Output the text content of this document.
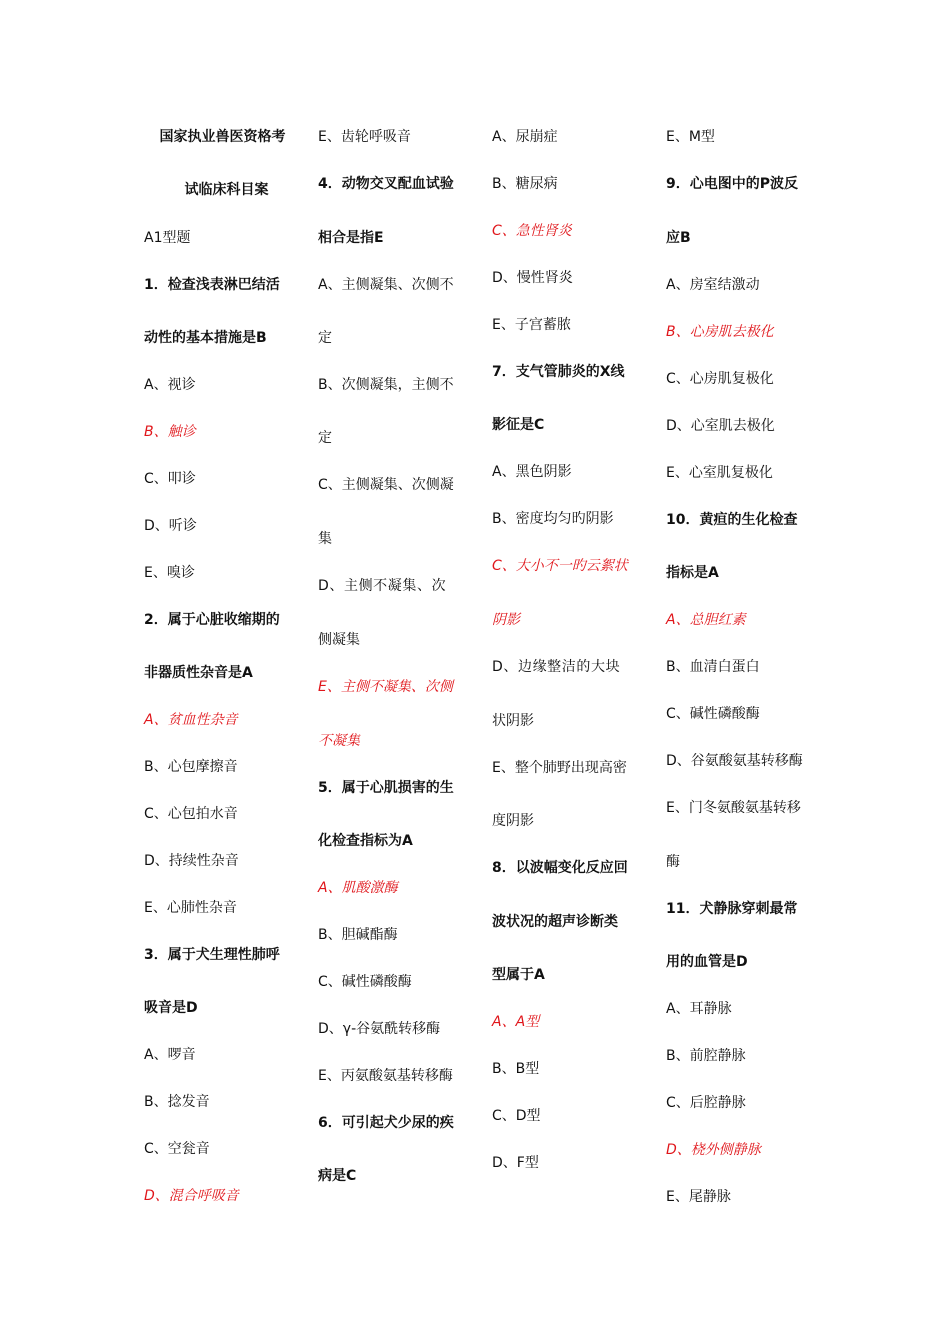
国家执业兽医资格考
试临床科目案
A1型题
1．检查浅表淋巴结活
动性的基本措施是B
A、视诊
B、触诊
C、叩诊
D、听诊
E、嗅诊
2．属于心脏收缩期的
非器质性杂音是A
A、贫血性杂音
B、心包摩擦音
C、心包拍水音
D、持续性杂音
E、心肺性杂音
3．属于犬生理性肺呼
吸音是D
A、啰音
B、捻发音
C、空瓮音
D、混合呼吸音
E、齿轮呼吸音
4．动物交叉配血试验
相合是指E
A、主侧凝集、次侧不
定
B、次侧凝集，主侧不
定
C、主侧凝集、次侧凝
集
D、主侧不凝集、次
侧凝集
E、主侧不凝集、次侧
不凝集
5．属于心肌损害的生
化检查指标为A
A、肌酸激酶
B、胆碱酯酶
C、碱性磷酸酶
D、γ-谷氨酰转移酶
E、丙氨酸氨基转移酶
6．可引起犬少尿的疾
病是C
A、尿崩症
B、糖尿病
C、急性肾炎
D、慢性肾炎
E、子宫蓄脓
7．支气管肺炎的X线
影征是C
A、黑色阴影
B、密度均匀旳阴影
C、大小不一旳云絮状
阴影
D、边缘整洁的大块
状阴影
E、整个肺野出现高密
度阴影
8．以波幅变化反应回
波状况的超声诊断类
型属于A
A、A型
B、B型
C、D型
D、F型
E、M型
9．心电图中的P波反
应B
A、房室结激动
B、心房肌去极化
C、心房肌复极化
D、心室肌去极化
E、心室肌复极化
10．黄疸的生化检查
指标是A
A、总胆红素
B、血清白蛋白
C、碱性磷酸酶
D、谷氨酸氨基转移酶
E、门冬氨酸氨基转移
酶
11．犬静脉穿刺最常
用的血管是D
A、耳静脉
B、前腔静脉
C、后腔静脉
D、桡外侧静脉
E、尾静脉
